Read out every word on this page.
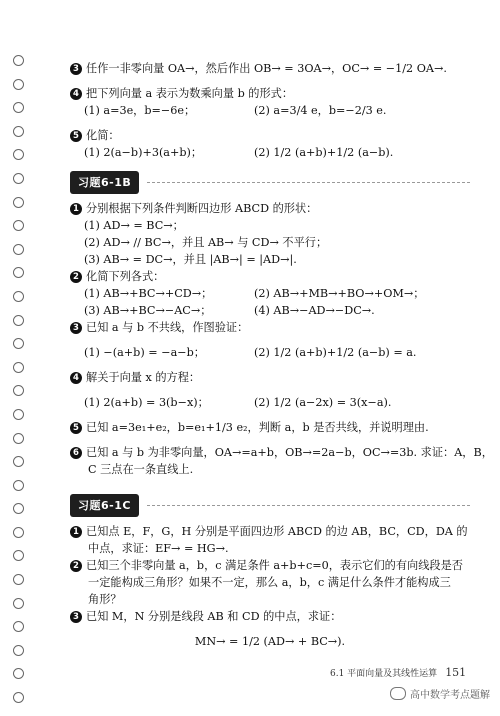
3 任作一非零向量 OA→，然后作出 OB→ = 3OA→，OC→ = −1/2 OA→.
4 把下列向量 a 表示为数乘向量 b 的形式：
(1) a=3e，b=−6e；	(2) a=3/4 e，b=−2/3 e.
5 化简：
(1) 2(a−b)+3(a+b)；	(2) 1/2 (a+b)+1/2 (a−b).
习题6-1B
1 分别根据下列条件判断四边形 ABCD 的形状：
(1) AD→ = BC→；
(2) AD→ // BC→，并且 AB→ 与 CD→ 不平行；
(3) AB→ = DC→，并且 |AB→| = |AD→|.
2 化简下列各式：
(1) AB→+BC→+CD→；	(2) AB→+MB→+BO→+OM→；
(3) AB→+BC→−AC→；	(4) AB→−AD→−DC→.
3 已知 a 与 b 不共线，作图验证：
(1) −(a+b) = −a−b；	(2) 1/2 (a+b)+1/2 (a−b) = a.
4 解关于向量 x 的方程：
(1) 2(a+b) = 3(b−x)；	(2) 1/2 (a−2x) = 3(x−a).
5 已知 a=3e₁+e₂，b=e₁+1/3 e₂，判断 a，b 是否共线，并说明理由.
6 已知 a 与 b 为非零向量，OA→=a+b，OB→=2a−b，OC→=3b. 求证：A，B，
C 三点在一条直线上.
习题6-1C
1 已知点 E，F，G，H 分别是平面四边形 ABCD 的边 AB，BC，CD，DA 的
中点，求证：EF→ = HG→.
2 已知三个非零向量 a，b，c 满足条件 a+b+c=0，表示它们的有向线段是否
一定能构成三角形？如果不一定，那么 a，b，c 满足什么条件才能构成三
角形？
3 已知 M，N 分别是线段 AB 和 CD 的中点，求证：
MN→ = 1/2 (AD→ + BC→).
6.1 平面向量及其线性运算 151
高中数学考点题解
